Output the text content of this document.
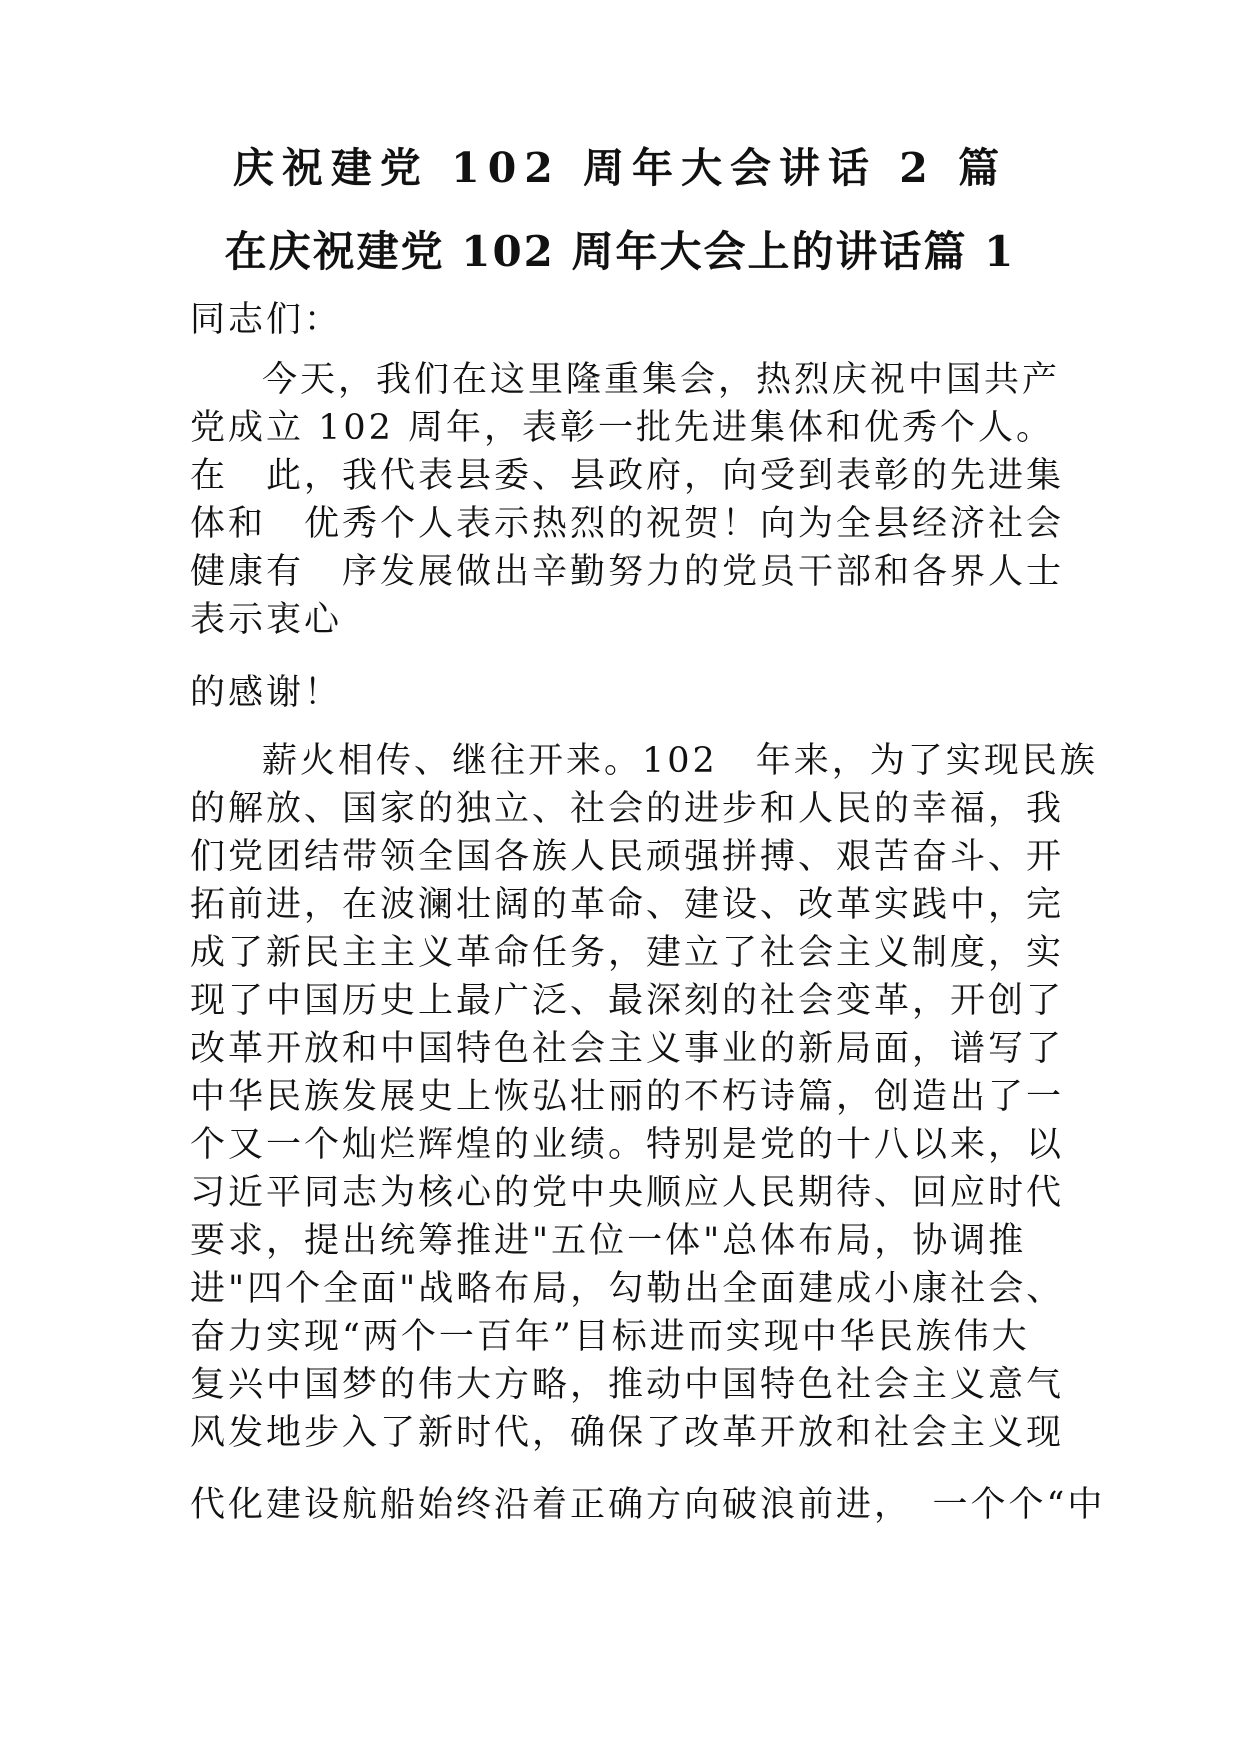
庆祝建党 102 周年大会讲话 2 篇
在庆祝建党 102 周年大会上的讲话篇 1
同志们：
今天，我们在这里隆重集会，热烈庆祝中国共产
党成立 102 周年，表彰一批先进集体和优秀个人。
在　此，我代表县委、县政府，向受到表彰的先进集
体和　优秀个人表示热烈的祝贺！向为全县经济社会
健康有　序发展做出辛勤努力的党员干部和各界人士
表示衷心
的感谢！
薪火相传、继往开来。102　年来，为了实现民族
的解放、国家的独立、社会的进步和人民的幸福，我
们党团结带领全国各族人民顽强拼搏、艰苦奋斗、开
拓前进，在波澜壮阔的革命、建设、改革实践中，完
成了新民主主义革命任务，建立了社会主义制度，实
现了中国历史上最广泛、最深刻的社会变革，开创了
改革开放和中国特色社会主义事业的新局面，谱写了
中华民族发展史上恢弘壮丽的不朽诗篇，创造出了一
个又一个灿烂辉煌的业绩。特别是党的十八以来，以
习近平同志为核心的党中央顺应人民期待、回应时代
要求，提出统筹推进"五位一体"总体布局，协调推
进"四个全面"战略布局，勾勒出全面建成小康社会、
奋力实现“两个一百年”目标进而实现中华民族伟大
复兴中国梦的伟大方略，推动中国特色社会主义意气
风发地步入了新时代，确保了改革开放和社会主义现
代化建设航船始终沿着正确方向破浪前进，　一个个“中
